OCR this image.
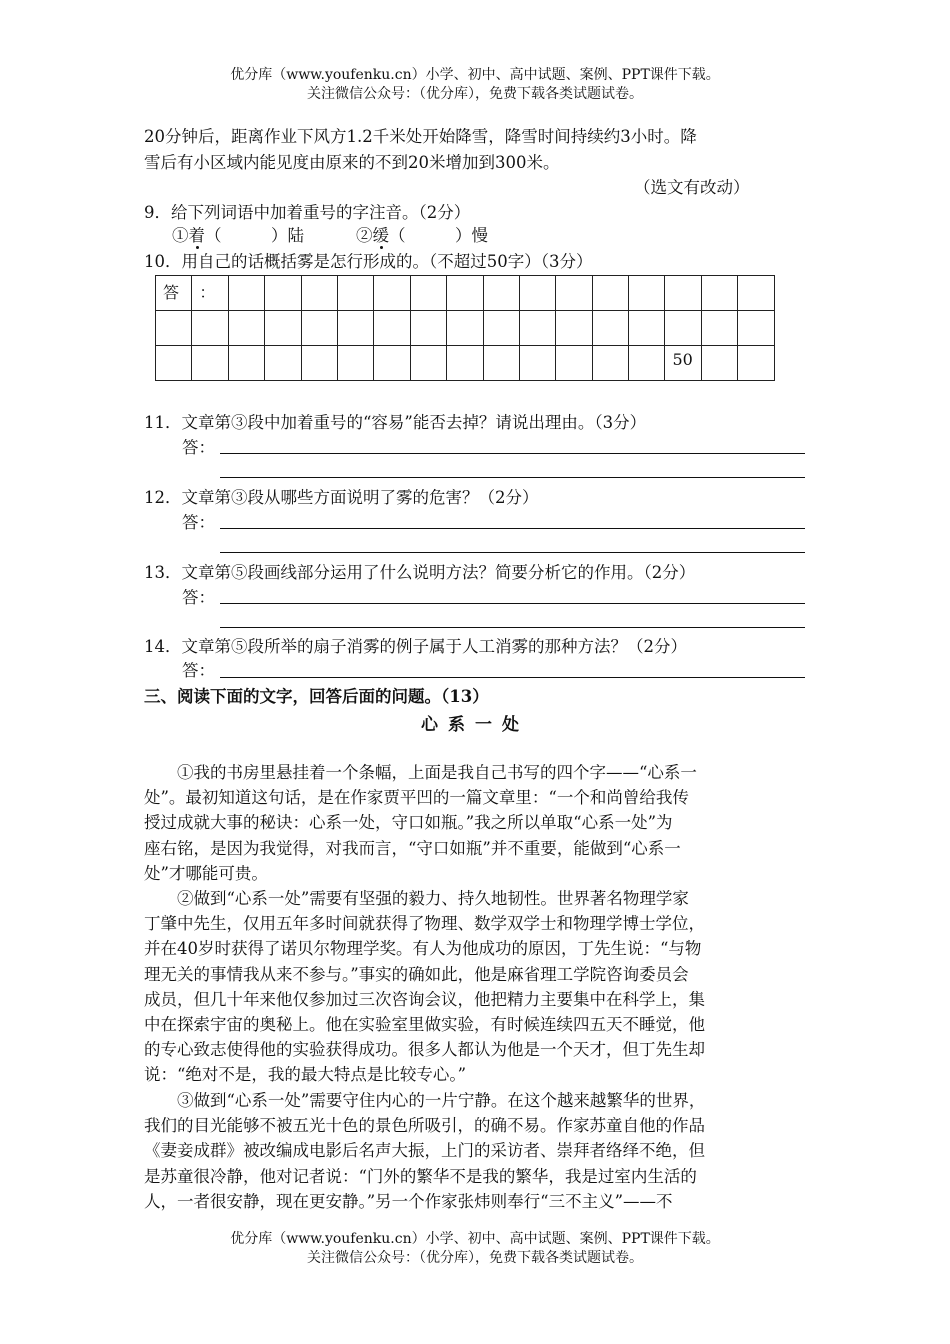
优分库（www.youfenku.cn）小学、初中、高中试题、案例、PPT课件下载。
关注微信公众号：（优分库），免费下载各类试题试卷。
20分钟后，距离作业下风方1.2千米处开始降雪，降雪时间持续约3小时。降
雪后有小区域内能见度由原来的不到20米增加到300米。
（选文有改动）
9．给下列词语中加着重号的字注音。（2分）
①着（　　　）陆	②缓（　　　）慢
10．用自己的话概括雾是怎行形成的。（不超过50字）（3分）
答	：															

														50		
11．文章第③段中加着重号的“容易”能否去掉？请说出理由。（3分）
答：
12．文章第③段从哪些方面说明了雾的危害？（2分）
答：
13．文章第⑤段画线部分运用了什么说明方法？简要分析它的作用。（2分）
答：
14．文章第⑤段所举的扇子消雾的例子属于人工消雾的那种方法？（2分）
答：
三、阅读下面的文字，回答后面的问题。（13）
心系一处
　　①我的书房里悬挂着一个条幅，上面是我自己书写的四个字——“心系一
处”。最初知道这句话，是在作家贾平凹的一篇文章里：“一个和尚曾给我传
授过成就大事的秘诀：心系一处，守口如瓶。”我之所以单取“心系一处”为
座右铭，是因为我觉得，对我而言，“守口如瓶”并不重要，能做到“心系一
处”才哪能可贵。
　　②做到“心系一处”需要有坚强的毅力、持久地韧性。世界著名物理学家
丁肇中先生，仅用五年多时间就获得了物理、数学双学士和物理学博士学位，
并在40岁时获得了诺贝尔物理学奖。有人为他成功的原因，丁先生说：“与物
理无关的事情我从来不参与。”事实的确如此，他是麻省理工学院咨询委员会
成员，但几十年来他仅参加过三次咨询会议，他把精力主要集中在科学上，集
中在探索宇宙的奥秘上。他在实验室里做实验，有时候连续四五天不睡觉，他
的专心致志使得他的实验获得成功。很多人都认为他是一个天才，但丁先生却
说：“绝对不是，我的最大特点是比较专心。”
　　③做到“心系一处”需要守住内心的一片宁静。在这个越来越繁华的世界，
我们的目光能够不被五光十色的景色所吸引，的确不易。作家苏童自他的作品
《妻妾成群》被改编成电影后名声大振，上门的采访者、崇拜者络绎不绝，但
是苏童很冷静，他对记者说：“门外的繁华不是我的繁华，我是过室内生活的
人，一者很安静，现在更安静。”另一个作家张炜则奉行“三不主义”——不
优分库（www.youfenku.cn）小学、初中、高中试题、案例、PPT课件下载。
关注微信公众号：（优分库），免费下载各类试题试卷。
